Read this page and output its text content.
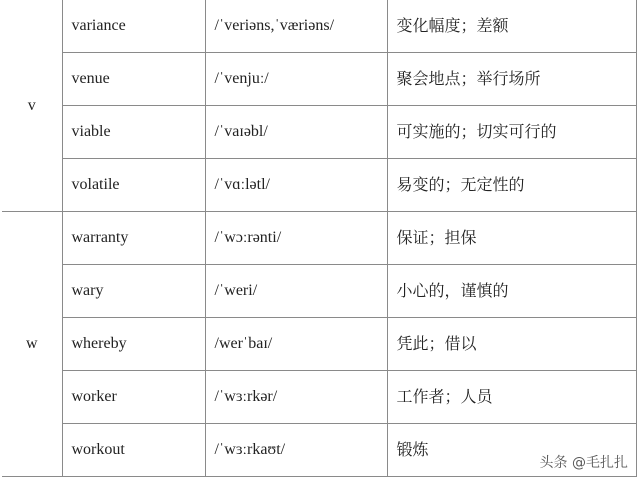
v	variance	/ˈveriəns,ˈværiəns/	变化幅度；差额
	venue	/ˈvenjuː/	聚会地点；举行场所
	viable	/ˈvaɪəbl/	可实施的；切实可行的
	volatile	/ˈvɑːlətl/	易变的；无定性的
w	warranty	/ˈwɔːrənti/	保证；担保
	wary	/ˈweri/	小心的，谨慎的
	whereby	/werˈbaɪ/	凭此；借以
	worker	/ˈwɜːrkər/	工作者；人员
	workout	/ˈwɜːrkaʊt/	锻炼
头条 @毛扎扎
